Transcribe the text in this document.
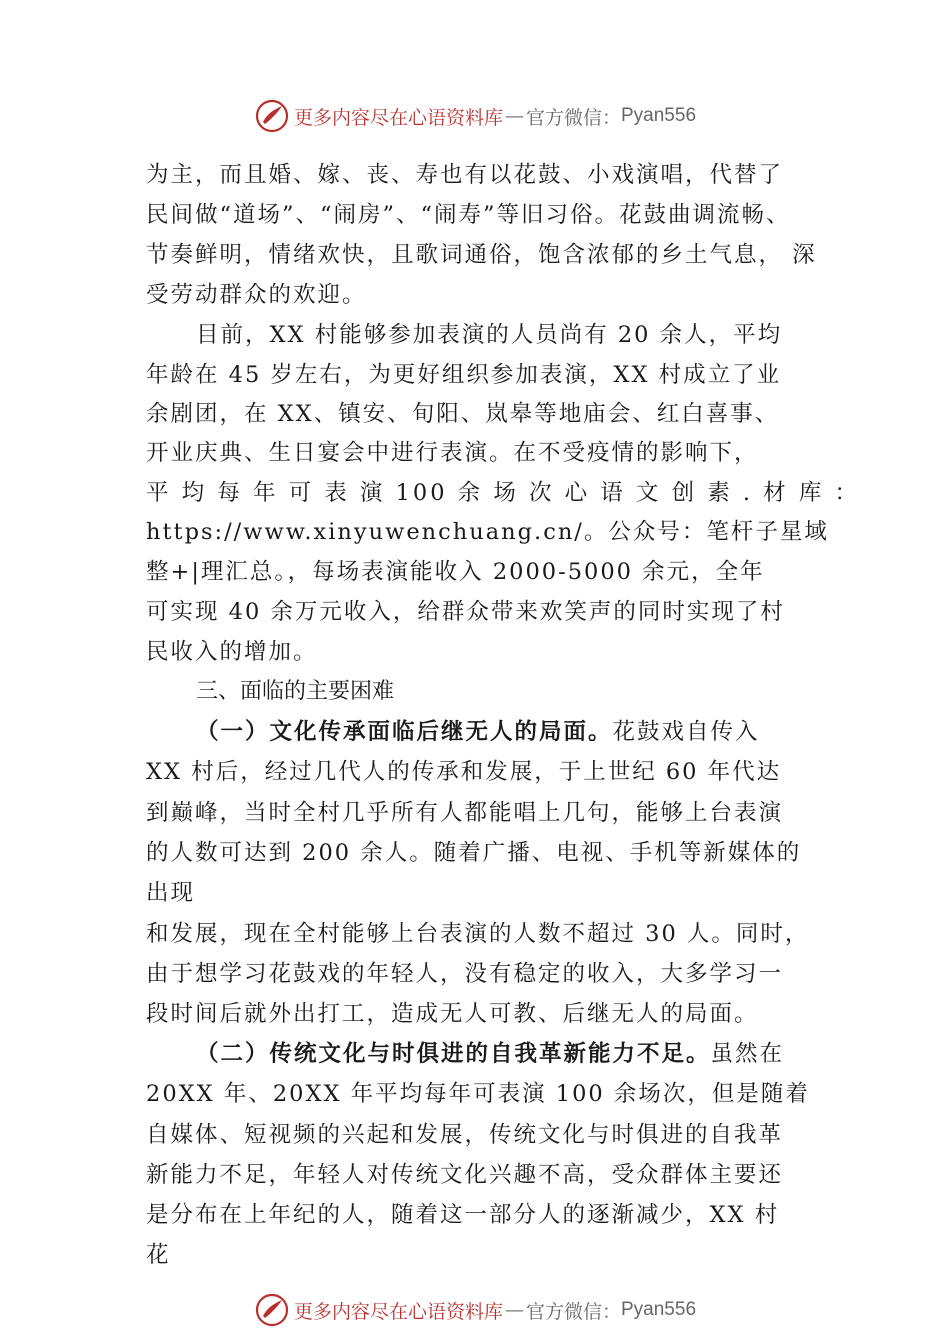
更多内容尽在心语资料库 — 官方微信： Pyan556

为主，而且婚、嫁、丧、寿也有以花鼓、小戏演唱，代替了

民间做“道场”、“闹房”、“闹寿”等旧习俗。花鼓曲调流畅、

节奏鲜明，情绪欢快，且歌词通俗，饱含浓郁的乡土气息， 深

受劳动群众的欢迎。

目前，XX 村能够参加表演的人员尚有 20 余人，平均

年龄在 45 岁左右，为更好组织参加表演，XX 村成立了业

余剧团，在 XX、镇安、旬阳、岚皋等地庙会、红白喜事、

开业庆典、生日宴会中进行表演。在不受疫情的影响下，

平 均 每 年 可 表 演 100 余 场 次 心 语 文 创 素 . 材 库 ：

https://www.xinyuwenchuang.cn/。公众号：笔杆子星域

整+|理汇总。，每场表演能收入 2000-5000 余元，全年

可实现 40 余万元收入，给群众带来欢笑声的同时实现了村

民收入的增加。

三、面临的主要困难

（一）文化传承面临后继无人的局面。花鼓戏自传入

XX 村后，经过几代人的传承和发展，于上世纪 60 年代达

到巅峰，当时全村几乎所有人都能唱上几句，能够上台表演

的人数可达到 200 余人。随着广播、电视、手机等新媒体的

出现

和发展，现在全村能够上台表演的人数不超过 30 人。同时，

由于想学习花鼓戏的年轻人，没有稳定的收入，大多学习一

段时间后就外出打工，造成无人可教、后继无人的局面。

（二）传统文化与时俱进的自我革新能力不足。虽然在

20XX 年、20XX 年平均每年可表演 100 余场次，但是随着

自媒体、短视频的兴起和发展，传统文化与时俱进的自我革

新能力不足，年轻人对传统文化兴趣不高，受众群体主要还

是分布在上年纪的人，随着这一部分人的逐渐减少，XX 村

花

更多内容尽在心语资料库 — 官方微信： Pyan556
